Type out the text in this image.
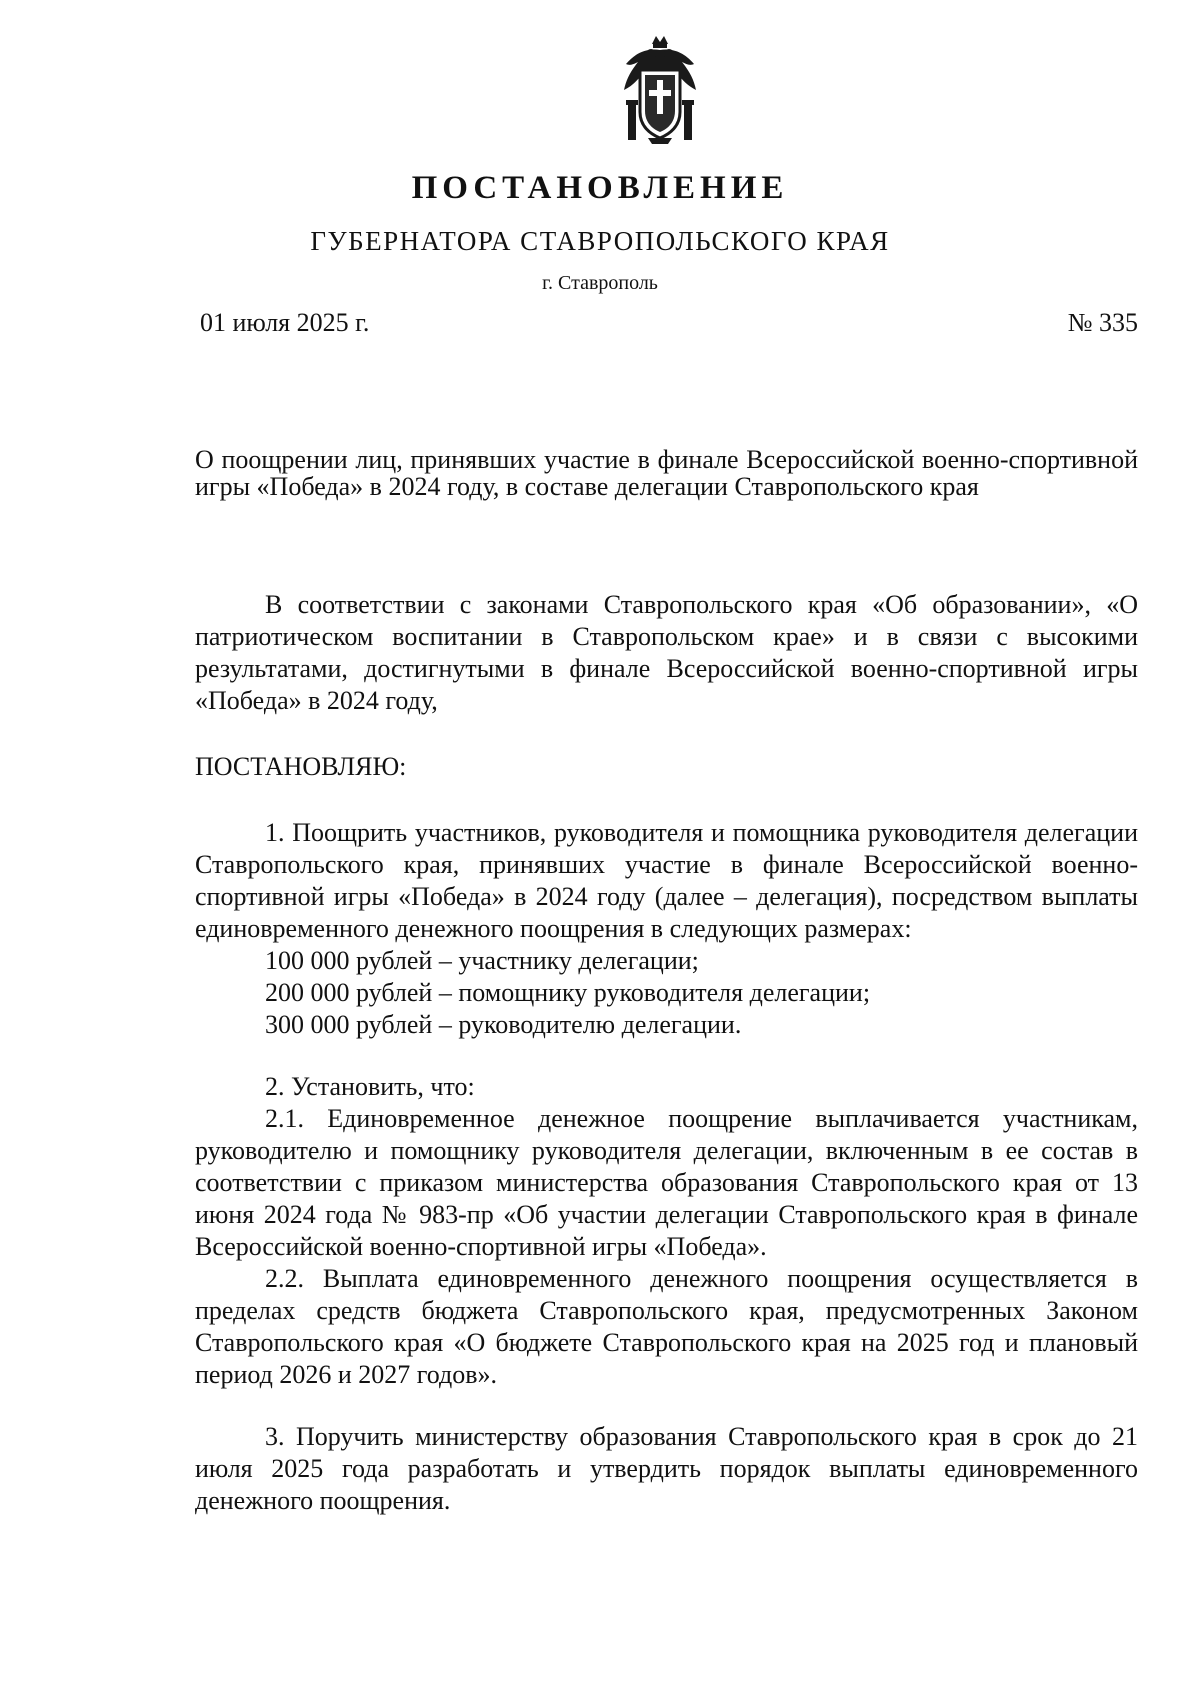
ПОСТАНОВЛЕНИЕ
ГУБЕРНАТОРА СТАВРОПОЛЬСКОГО КРАЯ
г. Ставрополь
01 июля 2025 г.	№ 335
О поощрении лиц, принявших участие в финале Всероссийской военно-спортивной игры «Победа» в 2024 году, в составе делегации Ставропольского края

В соответствии с законами Ставропольского края «Об образовании», «О патриотическом воспитании в Ставропольском крае» и в связи с высокими результатами, достигнутыми в финале Всероссийской военно-спортивной игры «Победа» в 2024 году,

ПОСТАНОВЛЯЮ:

1. Поощрить участников, руководителя и помощника руководителя делегации Ставропольского края, принявших участие в финале Всероссийской военно-спортивной игры «Победа» в 2024 году (далее – делегация), посредством выплаты единовременного денежного поощрения в следующих размерах:

100 000 рублей – участнику делегации;

200 000 рублей – помощнику руководителя делегации;

300 000 рублей – руководителю делегации.

2. Установить, что:

2.1. Единовременное денежное поощрение выплачивается участникам, руководителю и помощнику руководителя делегации, включенным в ее состав в соответствии с приказом министерства образования Ставропольского края от 13 июня 2024 года № 983-пр «Об участии делегации Ставропольского края в финале Всероссийской военно-спортивной игры «Победа».

2.2. Выплата единовременного денежного поощрения осуществляется в пределах средств бюджета Ставропольского края, предусмотренных Законом Ставропольского края «О бюджете Ставропольского края на 2025 год и плановый период 2026 и 2027 годов».

3. Поручить министерству образования Ставропольского края в срок до 21 июля 2025 года разработать и утвердить порядок выплаты единовременного денежного поощрения.
